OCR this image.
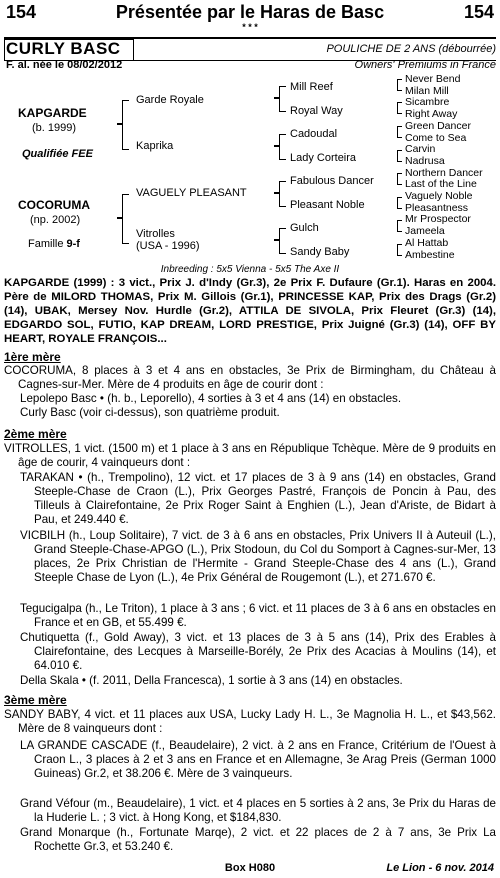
154	Présentée par le Haras de Basc	154
* * *
CURLY BASC	POULICHE DE 2 ANS (débourrée)
F. al. née le 08/02/2012	Owners' Premiums in France
KAPGARDE
(b. 1999)
Qualifiée FEE
COCORUMA
(np. 2002)
Famille 9-f
Garde Royale
Kaprika
VAGUELY PLEASANT
Vitrolles
(USA - 1996)
Mill Reef
Royal Way
Cadoudal
Lady Corteira
Fabulous Dancer
Pleasant Noble
Gulch
Sandy Baby
Never Bend
Milan Mill
Sicambre
Right Away
Green Dancer
Come to Sea
Carvin
Nadrusa
Northern Dancer
Last of the Line
Vaguely Noble
Pleasantness
Mr Prospector
Jameela
Al Hattab
Ambestine
Inbreeding : 5x5 Vienna - 5x5 The Axe II
KAPGARDE (1999) : 3 vict., Prix J. d'Indy (Gr.3), 2e Prix F. Dufaure (Gr.1). Haras en 2004. Père de MILORD THOMAS, Prix M. Gillois (Gr.1), PRINCESSE KAP, Prix des Drags (Gr.2) (14), UBAK, Mersey Nov. Hurdle (Gr.2), ATTILA DE SIVOLA, Prix Fleuret (Gr.3) (14), EDGARDO SOL, FUTIO, KAP DREAM, LORD PRESTIGE, Prix Juigné (Gr.3) (14), OFF BY HEART, ROYALE FRANÇOIS...
1ère mère
COCORUMA, 8 places à 3 et 4 ans en obstacles, 3e Prix de Birmingham, du Château à Cagnes-sur-Mer. Mère de 4 produits en âge de courir dont :
Lepolepo Basc • (h. b., Leporello), 4 sorties à 3 et 4 ans (14) en obstacles.
Curly Basc (voir ci-dessus), son quatrième produit.
2ème mère
VITROLLES, 1 vict. (1500 m) et 1 place à 3 ans en République Tchèque. Mère de 9 produits en âge de courir, 4 vainqueurs dont :
TARAKAN • (h., Trempolino), 12 vict. et 17 places de 3 à 9 ans (14) en obstacles, Grand Steeple-Chase de Craon (L.), Prix Georges Pastré, François de Poncin à Pau, des Tilleuls à Clairefontaine, 2e Prix Roger Saint à Enghien (L.), Jean d'Ariste, de Bidart à Pau, et 249.440 €.
VICBILH (h., Loup Solitaire), 7 vict. de 3 à 6 ans en obstacles, Prix Univers II à Auteuil (L.), Grand Steeple-Chase-APGO (L.), Prix Stodoun, du Col du Somport à Cagnes-sur-Mer, 13 places, 2e Prix Christian de l'Hermite - Grand Steeple-Chase des 4 ans (L.), Grand Steeple Chase de Lyon (L.), 4e Prix Général de Rougemont (L.), et 271.670 €.
Tegucigalpa (h., Le Triton), 1 place à 3 ans ; 6 vict. et 11 places de 3 à 6 ans en obstacles en France et en GB, et 55.499 €.
Chutiquetta (f., Gold Away), 3 vict. et 13 places de 3 à 5 ans (14), Prix des Erables à Clairefontaine, des Lecques à Marseille-Borély, 2e Prix des Acacias à Moulins (14), et 64.010 €.
Della Skala • (f. 2011, Della Francesca), 1 sortie à 3 ans (14) en obstacles.
3ème mère
SANDY BABY, 4 vict. et 11 places aux USA, Lucky Lady H. L., 3e Magnolia H. L., et $43,562. Mère de 8 vainqueurs dont :
LA GRANDE CASCADE (f., Beaudelaire), 2 vict. à 2 ans en France, Critérium de l'Ouest à Craon L., 3 places à 2 et 3 ans en France et en Allemagne, 3e Arag Preis (German 1000 Guineas) Gr.2, et 38.206 €. Mère de 3 vainqueurs.
Grand Véfour (m., Beaudelaire), 1 vict. et 4 places en 5 sorties à 2 ans, 3e Prix du Haras de la Huderie L. ; 3 vict. à Hong Kong, et $184,830.
Grand Monarque (h., Fortunate Marqe), 2 vict. et 22 places de 2 à 7 ans, 3e Prix La Rochette Gr.3, et 53.240 €.
Box H080	Le Lion - 6 nov. 2014
